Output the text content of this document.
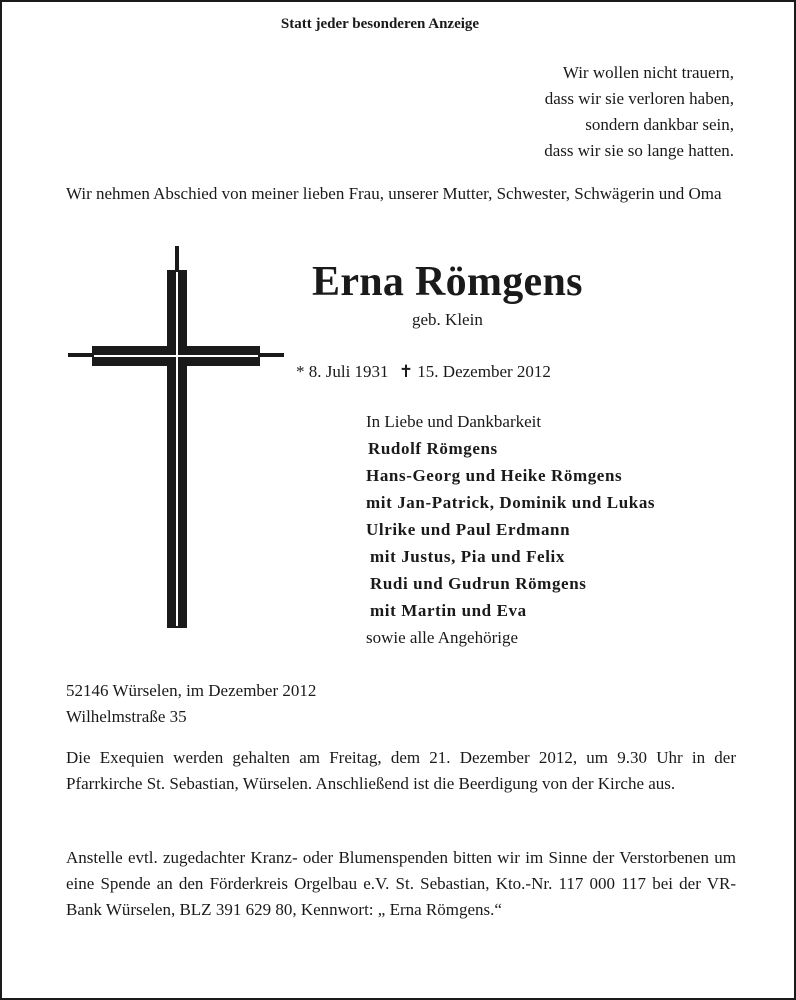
Statt jeder besonderen Anzeige
Wir wollen nicht trauern,
dass wir sie verloren haben,
sondern dankbar sein,
dass wir sie so lange hatten.
Wir nehmen Abschied von meiner lieben Frau, unserer Mutter, Schwester, Schwägerin und Oma
Erna Römgens
geb. Klein
* 8. Juli 1931 ✝ 15. Dezember 2012
In Liebe und Dankbarkeit
Rudolf Römgens
Hans-Georg und Heike Römgens
mit Jan-Patrick, Dominik und Lukas
Ulrike und Paul Erdmann
mit Justus, Pia und Felix
Rudi und Gudrun Römgens
mit Martin und Eva
sowie alle Angehörige
52146 Würselen, im Dezember 2012
Wilhelmstraße 35
Die Exequien werden gehalten am Freitag, dem 21. Dezember 2012, um 9.30 Uhr in der Pfarrkirche St. Sebastian, Würselen. Anschließend ist die Beerdigung von der Kirche aus.
Anstelle evtl. zugedachter Kranz- oder Blumenspenden bitten wir im Sinne der Verstorbenen um eine Spende an den Förderkreis Orgelbau e.V. St. Sebastian, Kto.-Nr. 117 000 117 bei der VR-Bank Würselen, BLZ 391 629 80, Kennwort: „ Erna Römgens.“
